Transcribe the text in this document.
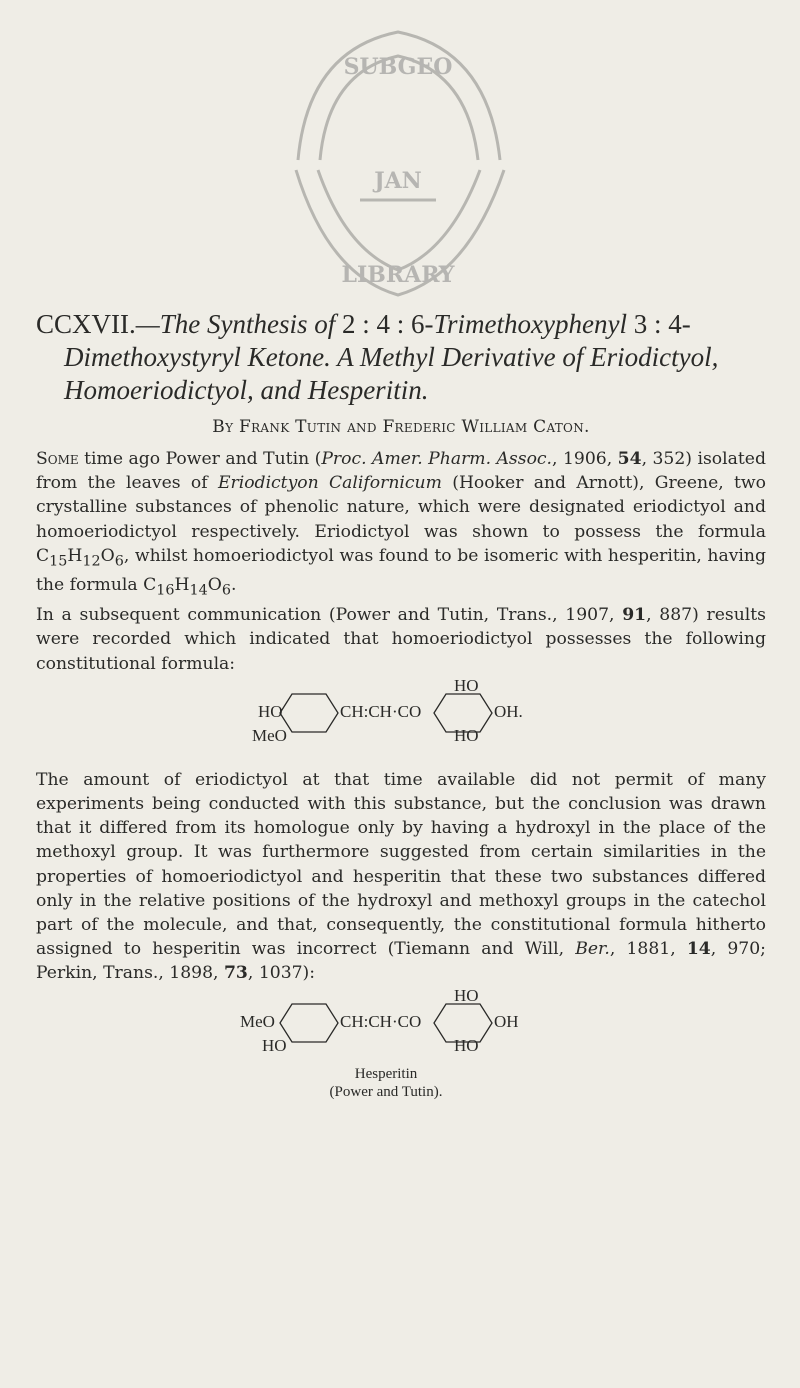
JAN
SUBGEO
LIBRARY
CCXVII.—The Synthesis of 2 : 4 : 6-Trimethoxyphenyl 3 : 4-Dimethoxystyryl Ketone. A Methyl Derivative of Eriodictyol, Homoeriodictyol, and Hesperitin.
By Frank Tutin and Frederic William Caton.

Some time ago Power and Tutin (Proc. Amer. Pharm. Assoc., 1906, 54, 352) isolated from the leaves of Eriodictyon Californicum (Hooker and Arnott), Greene, two crystalline substances of phenolic nature, which were designated eriodictyol and homoeriodictyol respectively. Eriodictyol was shown to possess the formula $C_{15}H_{12}O_6$, whilst homoeriodictyol was found to be isomeric with hesperitin, having the formula $C_{16}H_{14}O_6$.

In a subsequent communication (Power and Tutin, Trans., 1907, 91, 887) results were recorded which indicated that homoeriodictyol possesses the following constitutional formula:

HO
HO	CH:CH·CO	OH.
MeO	HO

The amount of eriodictyol at that time available did not permit of many experiments being conducted with this substance, but the conclusion was drawn that it differed from its homologue only by having a hydroxyl in the place of the methoxyl group. It was furthermore suggested from certain similarities in the properties of homoeriodictyol and hesperitin that these two substances differed only in the relative positions of the hydroxyl and methoxyl groups in the catechol part of the molecule, and that, consequently, the constitutional formula hitherto assigned to hesperitin was incorrect (Tiemann and Will, Ber., 1881, 14, 970; Perkin, Trans., 1898, 73, 1037):

HO
MeO	CH:CH·CO	OH
HO	HO
Hesperitin
(Power and Tutin).
